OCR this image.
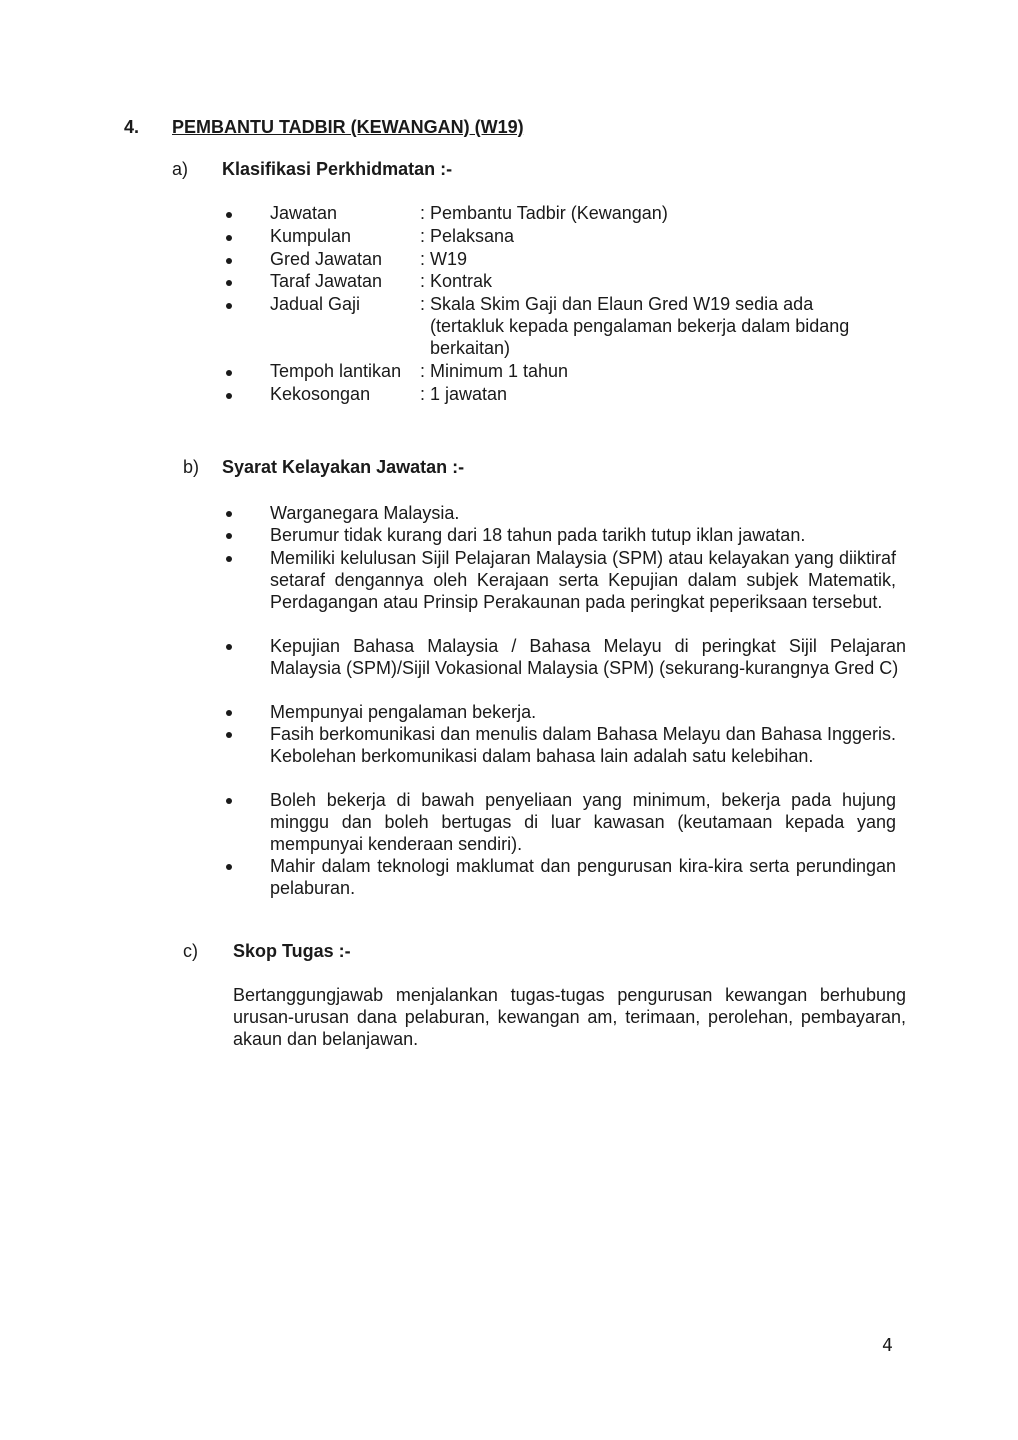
4. PEMBANTU TADBIR (KEWANGAN) (W19)
a) Klasifikasi Perkhidmatan :-
Jawatan	: Pembantu Tadbir (Kewangan)
Kumpulan	: Pelaksana
Gred Jawatan : W19
Taraf Jawatan : Kontrak
Jadual Gaji	: Skala Skim Gaji dan Elaun Gred W19 sedia ada
(tertakluk kepada pengalaman bekerja dalam bidang
berkaitan)
Tempoh lantikan : Minimum 1 tahun
Kekosongan	: 1 jawatan
b) Syarat Kelayakan Jawatan :-
Warganegara Malaysia.
Berumur tidak kurang dari 18 tahun pada tarikh tutup iklan jawatan.
Memiliki kelulusan Sijil Pelajaran Malaysia (SPM) atau kelayakan yang diiktiraf setaraf dengannya oleh Kerajaan serta Kepujian dalam subjek Matematik, Perdagangan atau Prinsip Perakaunan pada peringkat peperiksaan tersebut.
Kepujian Bahasa Malaysia / Bahasa Melayu di peringkat Sijil Pelajaran Malaysia (SPM)/Sijil Vokasional Malaysia (SPM) (sekurang-kurangnya Gred C)
Mempunyai pengalaman bekerja.
Fasih berkomunikasi dan menulis dalam Bahasa Melayu dan Bahasa Inggeris. Kebolehan berkomunikasi dalam bahasa lain adalah satu kelebihan.
Boleh bekerja di bawah penyeliaan yang minimum, bekerja pada hujung minggu dan boleh bertugas di luar kawasan (keutamaan kepada yang mempunyai kenderaan sendiri).
Mahir dalam teknologi maklumat dan pengurusan kira-kira serta perundingan pelaburan.
c) Skop Tugas :-
Bertanggungjawab menjalankan tugas-tugas pengurusan kewangan berhubung urusan-urusan dana pelaburan, kewangan am, terimaan, perolehan, pembayaran, akaun dan belanjawan.
4
